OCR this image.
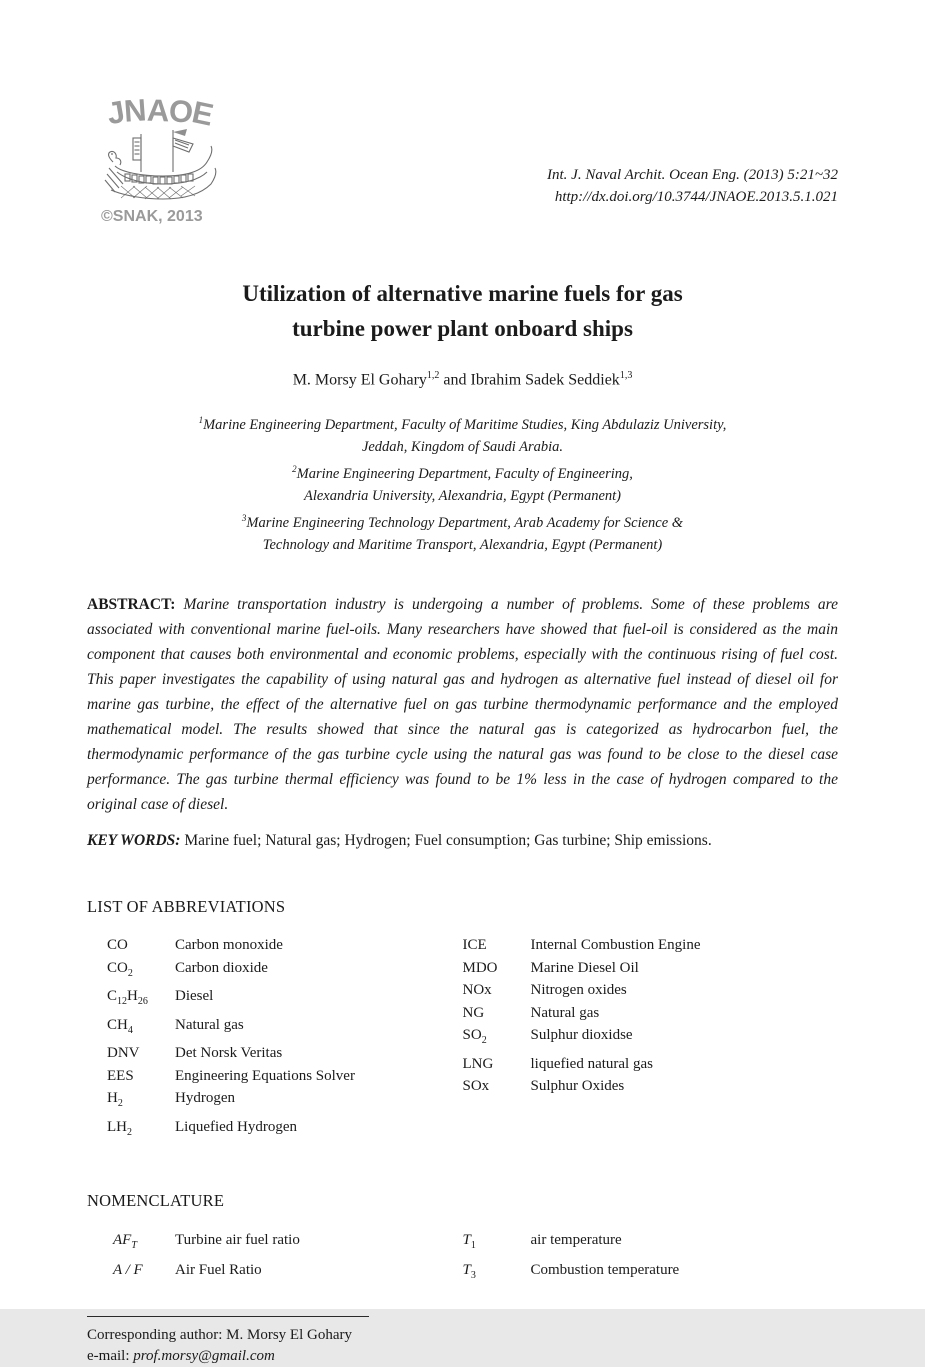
JNAOE
©SNAK, 2013
Int. J. Naval Archit. Ocean Eng. (2013) 5:21~32
http://dx.doi.org/10.3744/JNAOE.2013.5.1.021
Utilization of alternative marine fuels for gas
turbine power plant onboard ships
M. Morsy El Gohary$^{1,2}$ and Ibrahim Sadek Seddiek$^{1,3}$
$^1$Marine Engineering Department, Faculty of Maritime Studies, King Abdulaziz University,
Jeddah, Kingdom of Saudi Arabia.
$^2$Marine Engineering Department, Faculty of Engineering,
Alexandria University, Alexandria, Egypt (Permanent)
$^3$Marine Engineering Technology Department, Arab Academy for Science &
Technology and Maritime Transport, Alexandria, Egypt (Permanent)

ABSTRACT: Marine transportation industry is undergoing a number of problems. Some of these problems are associated with conventional marine fuel-oils. Many researchers have showed that fuel-oil is considered as the main component that causes both environmental and economic problems, especially with the continuous rising of fuel cost. This paper investigates the capability of using natural gas and hydrogen as alternative fuel instead of diesel oil for marine gas turbine, the effect of the alternative fuel on gas turbine thermodynamic performance and the employed mathematical model. The results showed that since the natural gas is categorized as hydrocarbon fuel, the thermodynamic performance of the gas turbine cycle using the natural gas was found to be close to the diesel case performance. The gas turbine thermal efficiency was found to be 1% less in the case of hydrogen compared to the original case of diesel.

KEY WORDS: Marine fuel; Natural gas; Hydrogen; Fuel consumption; Gas turbine; Ship emissions.

LIST OF ABBREVIATIONS
CO	Carbon monoxide
$CO_2$	Carbon dioxide
$C_{12}H_{26}$	Diesel
$CH_4$	Natural gas
DNV	Det Norsk Veritas
EES	Engineering Equations Solver
$H_2$	Hydrogen
$LH_2$	Liquefied Hydrogen
ICE	Internal Combustion Engine
MDO	Marine Diesel Oil
NOx	Nitrogen oxides
NG	Natural gas
$SO_2$	Sulphur dioxidse
LNG	liquefied natural gas
SOx	Sulphur Oxides
NOMENCLATURE
$AF_T$	Turbine air fuel ratio
A / F	Air Fuel Ratio
$T_1$	air temperature
$T_3$	Combustion temperature
Corresponding author: M. Morsy El Gohary
e-mail: prof.morsy@gmail.com
